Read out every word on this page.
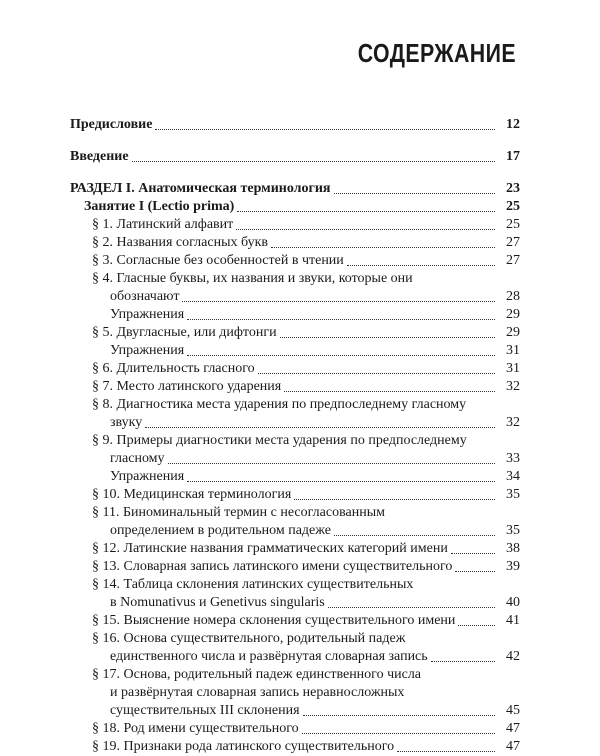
СОДЕРЖАНИЕ
Предисловие	12
Введение	17
РАЗДЕЛ I. Анатомическая терминология	23
Занятие I (Lectio prima)	25
§ 1. Латинский алфавит	25
§ 2. Названия согласных букв	27
§ 3. Согласные без особенностей в чтении	27
§ 4. Гласные буквы, их названия и звуки, которые они
обозначают	28
Упражнения	29
§ 5. Двугласные, или дифтонги	29
Упражнения	31
§ 6. Длительность гласного	31
§ 7. Место латинского ударения	32
§ 8. Диагностика места ударения по предпоследнему гласному
звуку	32
§ 9. Примеры диагностики места ударения по предпоследнему
гласному	33
Упражнения	34
§ 10. Медицинская терминология	35
§ 11. Биноминальный термин с несогласованным
определением в родительном падеже	35
§ 12. Латинские названия грамматических категорий имени	38
§ 13. Словарная запись латинского имени существительного	39
§ 14. Таблица склонения латинских существительных
в Nomunativus и Genetivus singularis	40
§ 15. Выяснение номера склонения существительного имени	41
§ 16. Основа существительного, родительный падеж
единственного числа и развёрнутая словарная запись	42
§ 17. Основа, родительный падеж единственного числа
и развёрнутая словарная запись неравносложных
существительных III склонения	45
§ 18. Род имени существительного	47
§ 19. Признаки рода латинского существительного	47
